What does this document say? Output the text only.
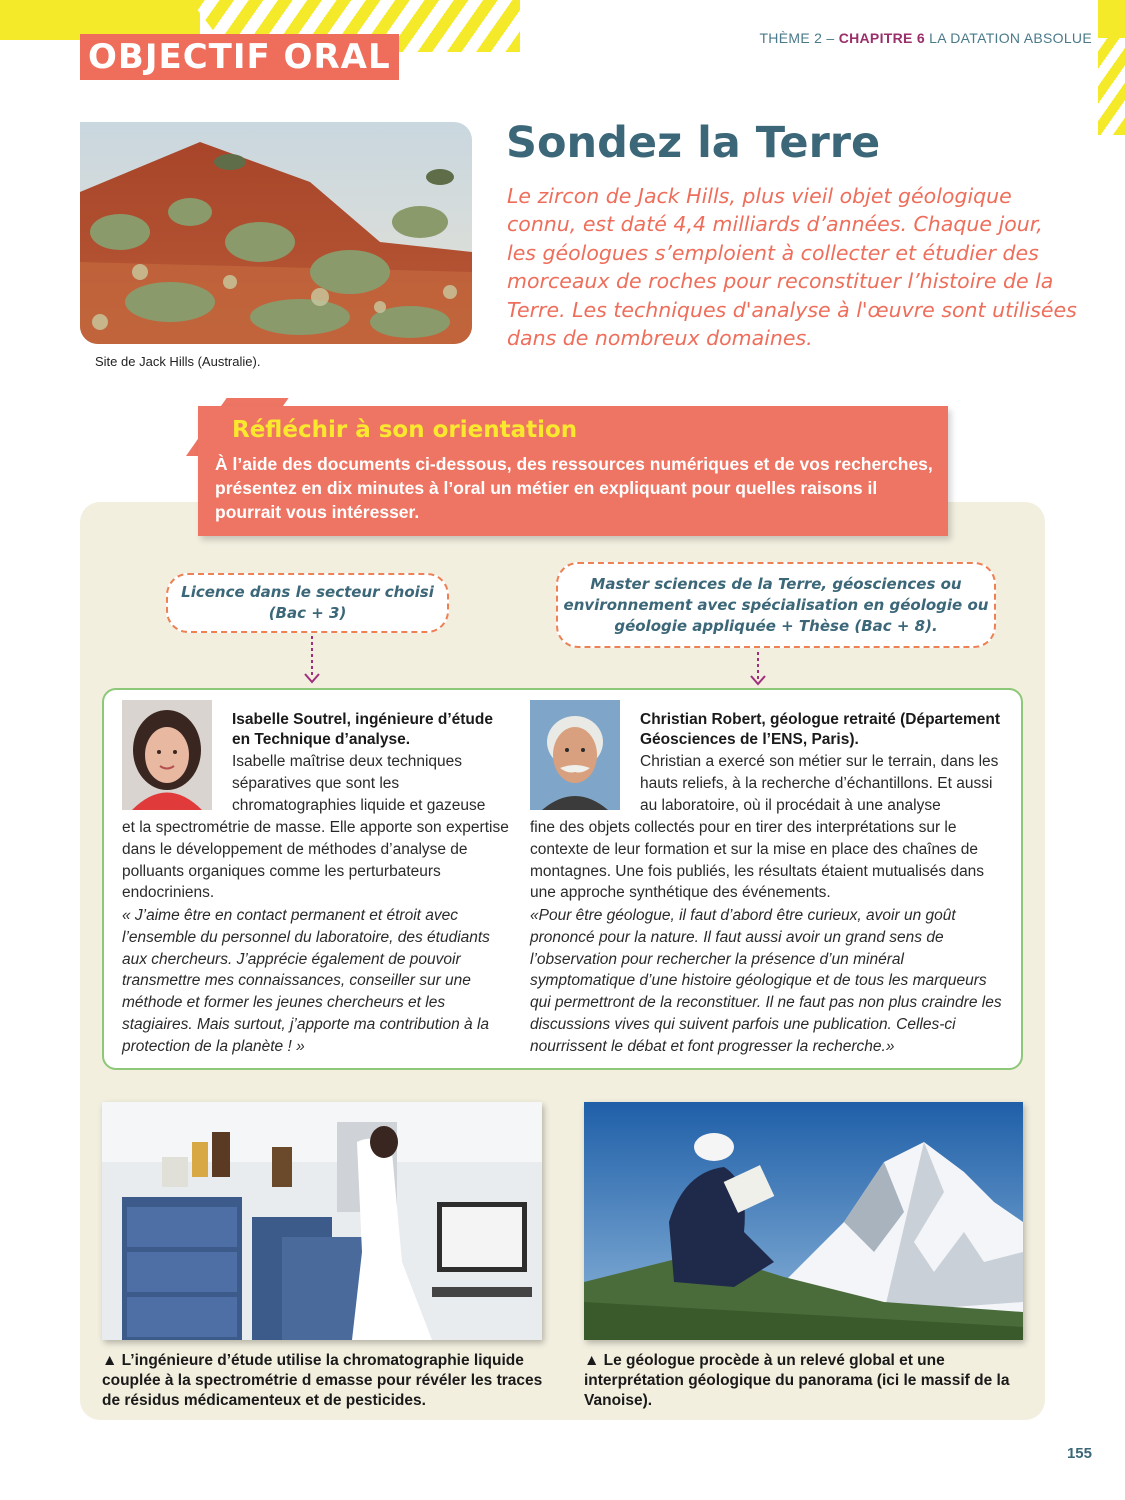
OBJECTIF ORAL	THÈME 2 – CHAPITRE 6 LA DATATION ABSOLUE
Site de Jack Hills (Australie).
Sondez la Terre

Le zircon de Jack Hills, plus vieil objet géologique connu, est daté 4,4 milliards d’années. Chaque jour, les géologues s’emploient à collecter et étudier des morceaux de roches pour reconstituer l’histoire de la Terre. Les techniques d'analyse à l'œuvre sont utilisées dans de nombreux domaines.

Réfléchir à son orientation
À l’aide des documents ci-dessous, des ressources numériques et de vos recherches, présentez en dix minutes à l’oral un métier en expliquant pour quelles raisons il pourrait vous intéresser.
Licence dans le secteur choisi (Bac + 3)
Master sciences de la Terre, géosciences ou environnement avec spécialisation en géologie ou géologie appliquée + Thèse (Bac + 8).
Isabelle Soutrel, ingénieure d’étude en Technique d’analyse.
Isabelle maîtrise deux techniques séparatives que sont les chromatographies liquide et gazeuse
et la spectrométrie de masse. Elle apporte son expertise dans le développement de méthodes d’analyse de polluants organiques comme les perturbateurs endocriniens.
« J’aime être en contact permanent et étroit avec l’ensemble du personnel du laboratoire, des étudiants aux chercheurs. J’apprécie également de pouvoir transmettre mes connaissances, conseiller sur une méthode et former les jeunes chercheurs et les stagiaires. Mais surtout, j’apporte ma contribution à la protection de la planète ! »
Christian Robert, géologue retraité (Département Géosciences de l’ENS, Paris).
Christian a exercé son métier sur le terrain, dans les hauts reliefs, à la recherche d’échantillons. Et aussi au laboratoire, où il procédait à une analyse
fine des objets collectés pour en tirer des interprétations sur le contexte de leur formation et sur la mise en place des chaînes de montagnes. Une fois publiés, les résultats étaient mutualisés dans une approche synthétique des événements.
«Pour être géologue, il faut d’abord être curieux, avoir un goût prononcé pour la nature. Il faut aussi avoir un grand sens de l’observation pour rechercher la présence d’un minéral symptomatique d’une histoire géologique et de tous les marqueurs qui permettront de la reconstituer. Il ne faut pas non plus craindre les discussions vives qui suivent parfois une publication. Celles-ci nourrissent le débat et font progresser la recherche.»
▲ L’ingénieure d’étude utilise la chromatographie liquide couplée à la spectrométrie d emasse pour révéler les traces de résidus médicamenteux et de pesticides.
▲ Le géologue procède à un relevé global et une interprétation géologique du panorama (ici le massif de la Vanoise).
155
